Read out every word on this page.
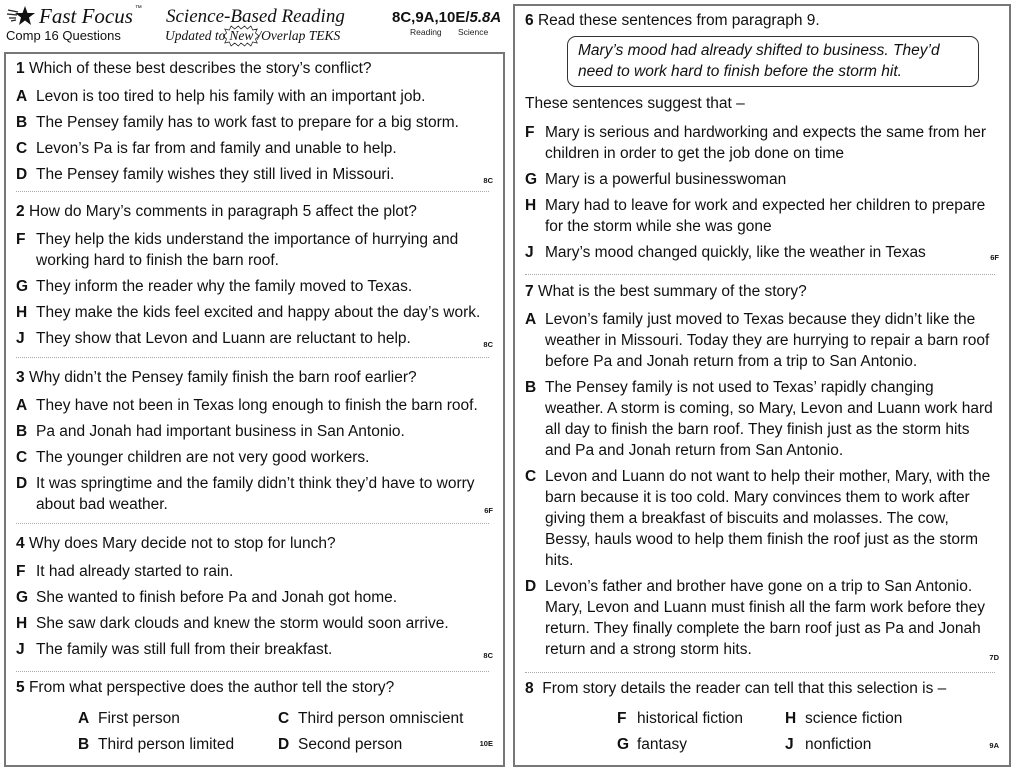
Fast Focus ™
Comp 16 Questions
Science-Based Reading
Updated to New /Overlap TEKS
8C,9A,10E/5.8A
Reading Science
1 Which of these best describes the story’s conflict?
A Levon is too tired to help his family with an important job.
B The Pensey family has to work fast to prepare for a big storm.
C Levon’s Pa is far from and family and unable to help.
D The Pensey family wishes they still lived in Missouri.	8C
2 How do Mary’s comments in paragraph 5 affect the plot?
F They help the kids understand the importance of hurrying and working hard to finish the barn roof.
G They inform the reader why the family moved to Texas.
H They make the kids feel excited and happy about the day’s work.
J They show that Levon and Luann are reluctant to help.	8C
3 Why didn’t the Pensey family finish the barn roof earlier?
A They have not been in Texas long enough to finish the barn roof.
B Pa and Jonah had important business in San Antonio.
C The younger children are not very good workers.
D It was springtime and the family didn’t think they’d have to worry about bad weather.	6F
4 Why does Mary decide not to stop for lunch?
F It had already started to rain.
G She wanted to finish before Pa and Jonah got home.
H She saw dark clouds and knew the storm would soon arrive.
J The family was still full from their breakfast.	8C
5 From what perspective does the author tell the story?
10E
A First person	C Third person omniscient
B Third person limited	D Second person
6 Read these sentences from paragraph 9.
Mary’s mood had already shifted to business. They’d need to work hard to finish before the storm hit.
These sentences suggest that –
F Mary is serious and hardworking and expects the same from her children in order to get the job done on time
G Mary is a powerful businesswoman
H Mary had to leave for work and expected her children to prepare for the storm while she was gone
J Mary’s mood changed quickly, like the weather in Texas	6F
7 What is the best summary of the story?
A Levon’s family just moved to Texas because they didn’t like the weather in Missouri. Today they are hurrying to repair a barn roof before Pa and Jonah return from a trip to San Antonio.
B The Pensey family is not used to Texas’ rapidly changing weather. A storm is coming, so Mary, Levon and Luann work hard all day to finish the barn roof. They finish just as the storm hits and Pa and Jonah return from San Antonio.
C Levon and Luann do not want to help their mother, Mary, with the barn because it is too cold. Mary convinces them to work after giving them a breakfast of biscuits and molasses. The cow, Bessy, hauls wood to help them finish the roof just as the storm hits.
D Levon’s father and brother have gone on a trip to San Antonio. Mary, Levon and Luann must finish all the farm work before they return. They finally complete the barn roof just as Pa and Jonah return and a strong storm hits.	7D
8 From story details the reader can tell that this selection is –
9A
F historical fiction	H science fiction
G fantasy	J nonfiction
